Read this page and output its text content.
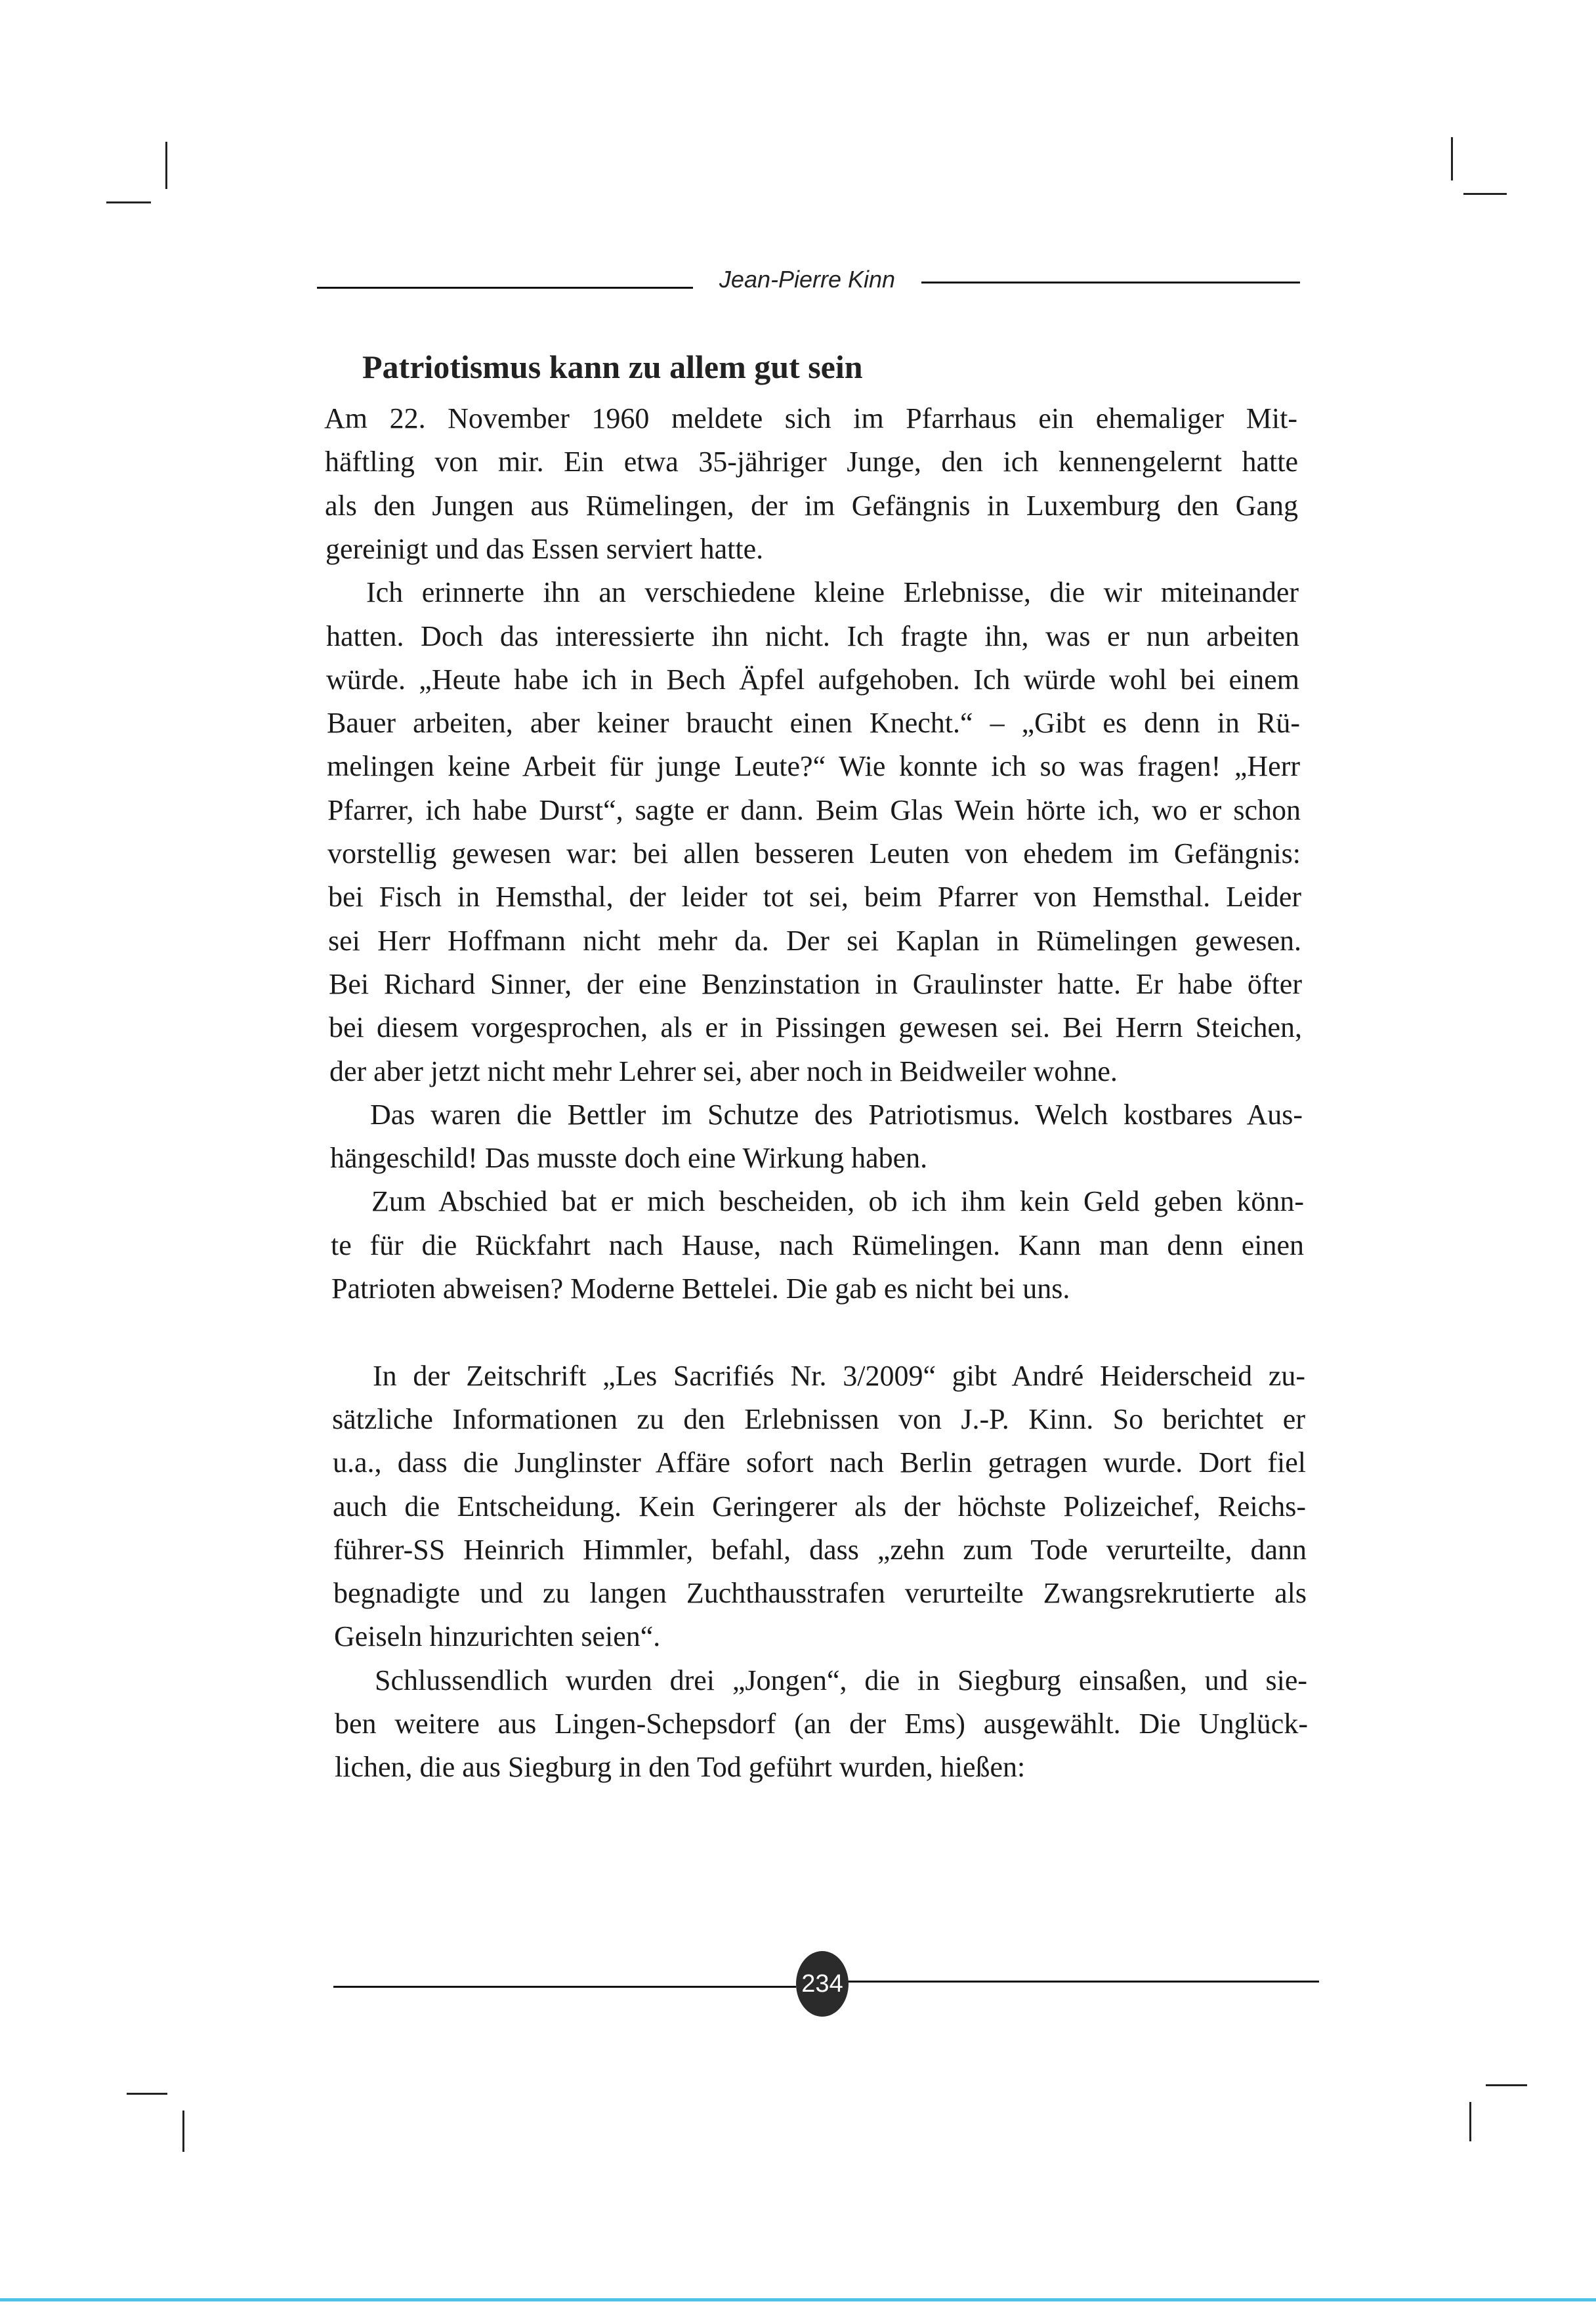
Jean-Pierre Kinn
Patriotismus kann zu allem gut sein
Am 22. November 1960 meldete sich im Pfarrhaus ein ehemaliger Mit-
häftling von mir. Ein etwa 35-jähriger Junge, den ich kennengelernt hatte
als den Jungen aus Rümelingen, der im Gefängnis in Luxemburg den Gang
gereinigt und das Essen serviert hatte.
Ich erinnerte ihn an verschiedene kleine Erlebnisse, die wir miteinander
hatten. Doch das interessierte ihn nicht. Ich fragte ihn, was er nun arbeiten
würde. „Heute habe ich in Bech Äpfel aufgehoben. Ich würde wohl bei einem
Bauer arbeiten, aber keiner braucht einen Knecht.“ – „Gibt es denn in Rü-
melingen keine Arbeit für junge Leute?“ Wie konnte ich so was fragen! „Herr
Pfarrer, ich habe Durst“, sagte er dann. Beim Glas Wein hörte ich, wo er schon
vorstellig gewesen war: bei allen besseren Leuten von ehedem im Gefängnis:
bei Fisch in Hemsthal, der leider tot sei, beim Pfarrer von Hemsthal. Leider
sei Herr Hoffmann nicht mehr da. Der sei Kaplan in Rümelingen gewesen.
Bei Richard Sinner, der eine Benzinstation in Graulinster hatte. Er habe öfter
bei diesem vorgesprochen, als er in Pissingen gewesen sei. Bei Herrn Steichen,
der aber jetzt nicht mehr Lehrer sei, aber noch in Beidweiler wohne.
Das waren die Bettler im Schutze des Patriotismus. Welch kostbares Aus-
hängeschild! Das musste doch eine Wirkung haben.
Zum Abschied bat er mich bescheiden, ob ich ihm kein Geld geben könn-
te für die Rückfahrt nach Hause, nach Rümelingen. Kann man denn einen
Patrioten abweisen? Moderne Bettelei. Die gab es nicht bei uns.
In der Zeitschrift „Les Sacrifiés Nr. 3/2009“ gibt André Heiderscheid zu-
sätzliche Informationen zu den Erlebnissen von J.-P. Kinn. So berichtet er
u.a., dass die Junglinster Affäre sofort nach Berlin getragen wurde. Dort fiel
auch die Entscheidung. Kein Geringerer als der höchste Polizeichef, Reichs-
führer-SS Heinrich Himmler, befahl, dass „zehn zum Tode verurteilte, dann
begnadigte und zu langen Zuchthausstrafen verurteilte Zwangsrekrutierte als
Geiseln hinzurichten seien“.
Schlussendlich wurden drei „Jongen“, die in Siegburg einsaßen, und sie-
ben weitere aus Lingen-Schepsdorf (an der Ems) ausgewählt. Die Unglück-
lichen, die aus Siegburg in den Tod geführt wurden, hießen:
234
